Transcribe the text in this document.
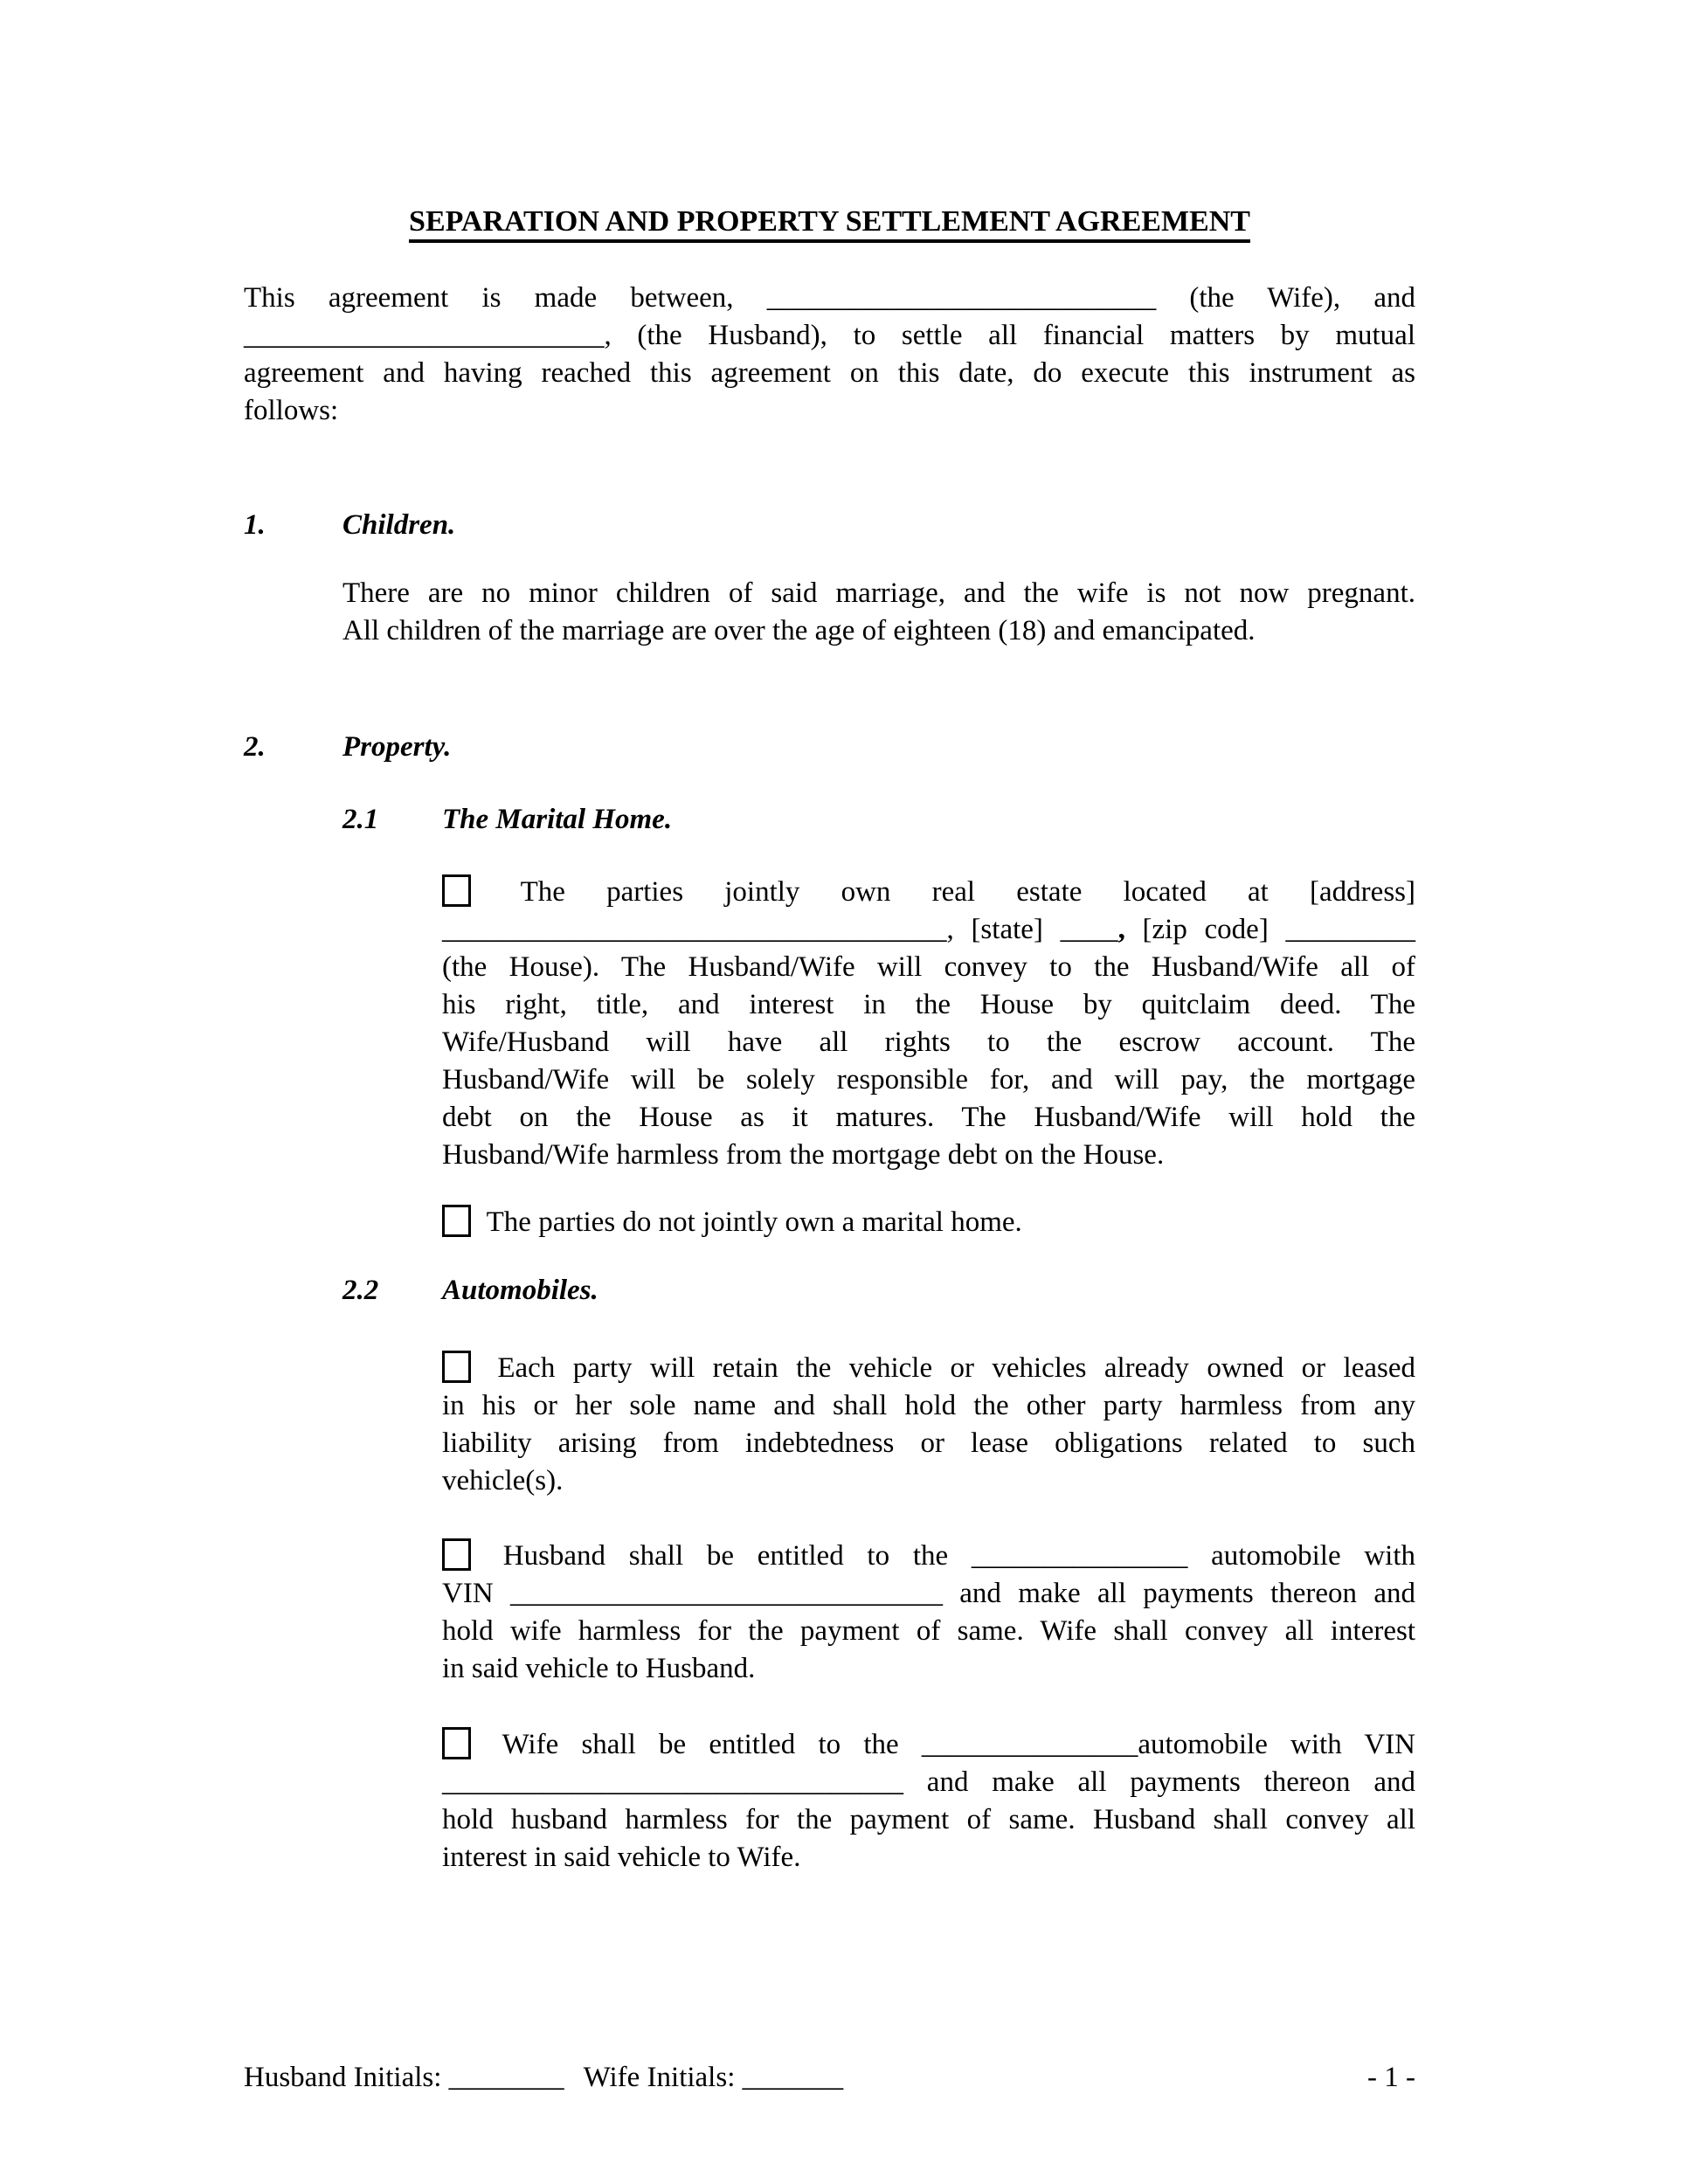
SEPARATION AND PROPERTY SETTLEMENT AGREEMENT
This agreement is made between, ___________________________ (the Wife), and
_________________________, (the Husband), to settle all financial matters by mutual
agreement and having reached this agreement on this date, do execute this instrument as
follows:
1.	Children.
There are no minor children of said marriage, and the wife is not now pregnant.
All children of the marriage are over the age of eighteen (18) and emancipated.
2.	Property.
2.1	The Marital Home.
The parties jointly own real estate located at [address]
___________________________________, [state] ____, [zip code] _________
(the House). The Husband/Wife will convey to the Husband/Wife all of
his right, title, and interest in the House by quitclaim deed. The
Wife/Husband will have all rights to the escrow account. The
Husband/Wife will be solely responsible for, and will pay, the mortgage
debt on the House as it matures. The Husband/Wife will hold the
Husband/Wife harmless from the mortgage debt on the House.
The parties do not jointly own a marital home.
2.2	Automobiles.
Each party will retain the vehicle or vehicles already owned or leased
in his or her sole name and shall hold the other party harmless from any
liability arising from indebtedness or lease obligations related to such
vehicle(s).
Husband shall be entitled to the _______________ automobile with
VIN ______________________________ and make all payments thereon and
hold wife harmless for the payment of same. Wife shall convey all interest
in said vehicle to Husband.
Wife shall be entitled to the _______________automobile with VIN
________________________________ and make all payments thereon and
hold husband harmless for the payment of same. Husband shall convey all
interest in said vehicle to Wife.
Husband Initials: ________ Wife Initials: _______	- 1 -
